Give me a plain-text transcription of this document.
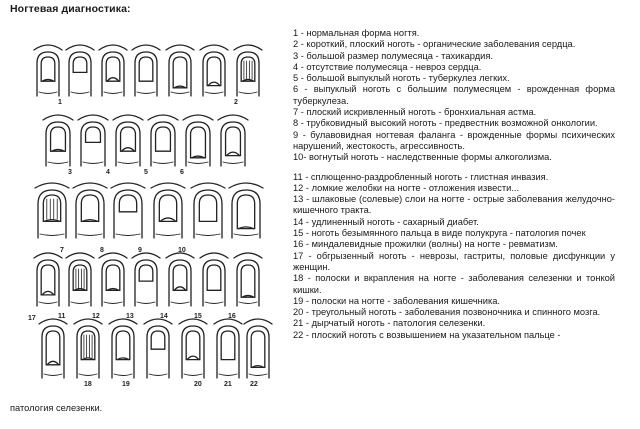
Ногтевая диагностика:
1	2
3	4	5	6
7	8	9	10
11	12	13	14	15	16
17
18	19	20	21	22

1 - нормальная форма ногтя.

2 - короткий, плоский ноготь - органические заболевания сердца.

3 - большой размер полумесяца - тахикардия.

4 - отсутствие полумесяца - невроз сердца.

5 - большой выпуклый ноготь - туберкулез легких.

6 - выпуклый ноготь с большим полумесяцем - врожденная форма туберкулеза.

7 - плоский искривленный ноготь - бронхиальная астма.

8 - трубковидный высокий ноготь - предвестник возможной онкологии.

9 - булавовидная ногтевая фаланга - врожденные формы психических нарушений, жестокость, агрессивность.

10- вогнутый ноготь - наследственные формы алкоголизма.

11 - сплющенно-раздробленный ноготь - глистная инвазия.

12 - ломкие желобки на ногте - отложения извести...

13 - шлаковые (солевые) слои на ногте - острые заболевания желудочно-кишечного тракта.

14 - удлиненный ноготь - сахарный диабет.

15 - ноготь безымянного пальца в виде полукруга - патология почек

16 - миндалевидные прожилки (волны) на ногте - ревматизм.

17 - обгрызенный ноготь - неврозы, гастриты, половые дисфункции у женщин.

18 - полоски и вкрапления на ногте - заболевания селезенки и тонкой кишки.

19 - полоски на ногте - заболевания кишечника.

20 - треугольный ноготь - заболевания позвоночника и спинного мозга.

21 - дырчатый ноготь - патология селезенки.

22 - плоский ноготь с возвышением на указательном пальце -

патология селезенки.
